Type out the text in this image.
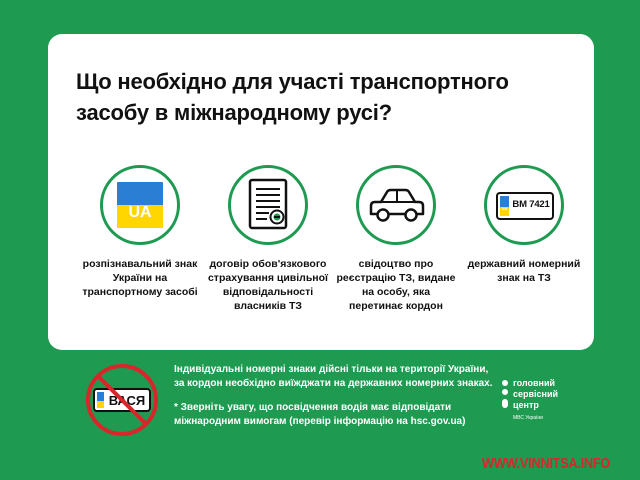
Що необхідно для участі транспортного засобу в міжнародному русі?
UA
розпізнавальний знак України на транспортному засобі
договір обов'язкового страхування цивільної відповідальності власників ТЗ
свідоцтво про реєстрацію ТЗ, видане на особу, яка перетинає кордон
UA ВМ 7421
державний номерний знак на ТЗ
ВАСЯ

Індивідуальні номерні знаки дійсні тільки на території України, за кордон необхідно виїжджати на державних номерних знаках.

* Зверніть увагу, що посвідчення водія має відповідати міжнародним вимогам (перевір інформацію на hsc.gov.ua)

головний
сервісний
центр
МВС України
WWW.VINNITSA.INFO
